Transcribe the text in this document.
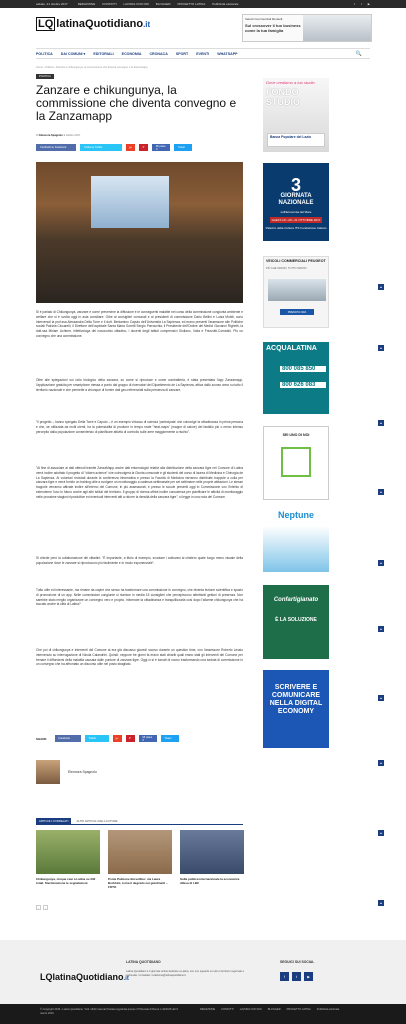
sabato, 21 ottobre 2017	REDAZIONE CONTATTI LAVORA CON NOI BLOGGER PROGETTO LATINA Pubblicità elettorale	f t ▶
LQ latinaQuotidiano.it
Veicoli Commerciali Renault
Sul crossover il tuo business come la tua famiglia
POLITICA DAI COMUNI ▾ EDITORIALI ECONOMIA CRONACA SPORT EVENTI WHATSAPP	🔍
Home › Politica › Zanzare e chikungunya, la commissione che diventa convegno e la Zanzamapp
POLITICA
Zanzare e chikungunya, la commissione che diventa convegno e la Zanzamapp
Di Eleonora Spagnolo 9 ottobre 2017
Condividi su Facebook	Twitta su Twitter	g+	P	Mi piace 0	Tweet
Si è parlato di Chikungunya, zanzare e come prevenirne la diffusione e le conseguenti malattie nel corso della commissione congiunta ambiente e welfare che si è svolta oggi in aula consiliare. Oltre ai consiglieri comunali e ai presidenti di commissione Dario Bellini e Luisa Mobili, sono intervenuti la prof.ssa Alessandra Della Torre e il dott. Beniamino Caputo dell'Università La Sapienza, ed erano presenti l'assessore alle Politiche sociali Patrizia Ciccarelli, il Direttore dell'ospedale Santa Maria Goretti Sergio Parrocchia, il Presidente dell'Ordine dei Medici Giovanni Righetti, la dott.ssa Miriam Lichtner, infettivologa del nosocomio cittadino, i docenti degli istituti comprensivi Giuliano, Volta e Frezzotti-Corradini. Più un convegno che una commissione.
Oltre alle spiegazioni sul ciclo biologico della zanzara, su come si riproduce e come combatterla, è stata presentata l'app Zanzamapp, l'applicazione gratuita per smartphone messa a punto dal gruppo di ricercatori del Dipartimento de La Sapienza, attiva dallo scorso anno su tutto il territorio nazionale e che permette a chiunque di fornire dati geo-referenziati sulla presenza di zanzare.
"Il progetto – hanno spiegato Della Torre e Caputo – è un esempio virtuoso di scienza 'partecipata' che coinvolge la cittadinanza in prima persona e che, se utilizzata da molti utenti, ha la potenzialità di produrre in tempo reale "heat-maps" (mappe di calore) del fastidio più o meno intenso percepito dalla popolazione consentendo di pianificare attività di controllo sulle aree maggiormente a rischio".
"Al fine di associare ai dati ottenuti tramite ZanzaMapp anche dati entomologici relativi alla distribuzione della zanzara tigre nel Comune di Latina verrà inoltre adottato il progetto di "citizen-science" che coinvolgerà la Giunta comunale e gli studenti del corso di laurea di Medicina e Chirurgia de La Sapienza. Ai volontari reclutati durante la conferenza informativa e presso la Facoltà di Medicina verranno distribuite trappole a colla per zanzara tigre e verrà fornito un training utile a svolgere un monitoraggio a cadenza settimanale per sei settimane nelle proprie abitazioni. Le stesse trappole verranno attivate inoltre all'interno del Comune, in più assessorati, e presso le scuole presenti oggi in Commissione con l'intento di estenderne l'uso in futuro anche agli altri istituti del territorio. Il gruppo di ricerca offrirà inoltre consulenza per pianificare le attività di monitoraggio nelle prossime stagioni riproduttive ed eventuali interventi atti a ridurre la densità della zanzara tigre", si legge in una nota del Comune.
Si chiede però la collaborazione dei cittadini: "È importante, a titolo di esempio, svuotare i sottovasi al cimitero quale luogo meno visuale della popolazione dove le zanzare si riproducono più facilmente e in modo esponenziale".
Tutto utile ed interessante, ma rimane da capire che senso ha trasformare una commissione in convegno, che diventa lezione scientifica e spazio di promozione di un app. Nelle commissioni congiunte si riunisce in media 15 consiglieri che percepiscono altrettanti gettoni di presenza. Non sarebbe stato meglio organizzare un convegno vero e proprio, informare la cittadinanza e tranquillizzarla così dopo l'allarme chikungunya che ha toccato anche la città di Latina?
Che poi di chikungunya e interventi del Comune ai era già discusso giovedì scorso durante un question time, con l'assessore Roberto Lessio intervenuto su interrogazione di Nicola Calandrini. Quindi, neppure tre giorni fa erano stati chiariti quali erano stati gli interventi del Comune per frenare il diffondersi della malattia causata dalle punture di zanzara tigre. Oggi ci si è tornati di nuovo trasformando una seduta di commissione in un convegno che ha affrontato un discorso utile nel posto sbagliato.
SHARE	Facebook	Twitter	g+	P	Mi piace 0	Tweet
Eleonora Spagnolo
ARTICOLI CORRELATI	ALTRI ARTICOLI DELL'AUTORE
Chikungunya, cinque casi a Latina su 232 totali. Sterminazione le segnalazioni
Ponte Palmone Borsellino: via Laura Borbhini, torna il degrado nei giardinetti – FOTO
Sulla politica internazionale la economica difesa di LBC
‹	›
Dove crediamo a tuo studio
FONDO STUDIO
Banca Popolare del Lazio
3
GIORNATA
NAZIONALE
sull'Economia del Mare
GAETA 19 • 20 • 21 OTTOBRE 2017
Palazzo della Cultura ITS Fondazione Caboto
▲
VEICOLI COMMERCIALI PEUGEOT
PIÙ CHE SPAZIO, TUTTO SPAZIO
PRENOTA ORA
▲
ACQUALATINA
800 085 850
800 626 083
▲
SEI UNO DI NOI
▲
Neptune
▲
Confartigianato
È LA SOLUZIONE
▲
SCRIVERE E COMUNICARE NELLA DIGITAL ECONOMY
▲
▲
▲
▲
LQlatinaQuotidiano.it
LATINA QUOTIDIANO
Latina Quotidiano è il giornale online dedicato a Latina, con uno sguardo su tutto il territorio regionale e nazionale. Contattaci: redazione@latinaquotidiano.it
SEGUICI SUI SOCIAL
f	t	▶
© Copyright 2016 - Latina Quotidiano. Tutti i diritti riservati Testata registrata presso il Tribunale di Roma n.44/2016 del 9 marzo 2016
REDAZIONE CONTATTI LAVORA CON NOI BLOGGER PROGETTO LATINA Pubblicità elettorale
